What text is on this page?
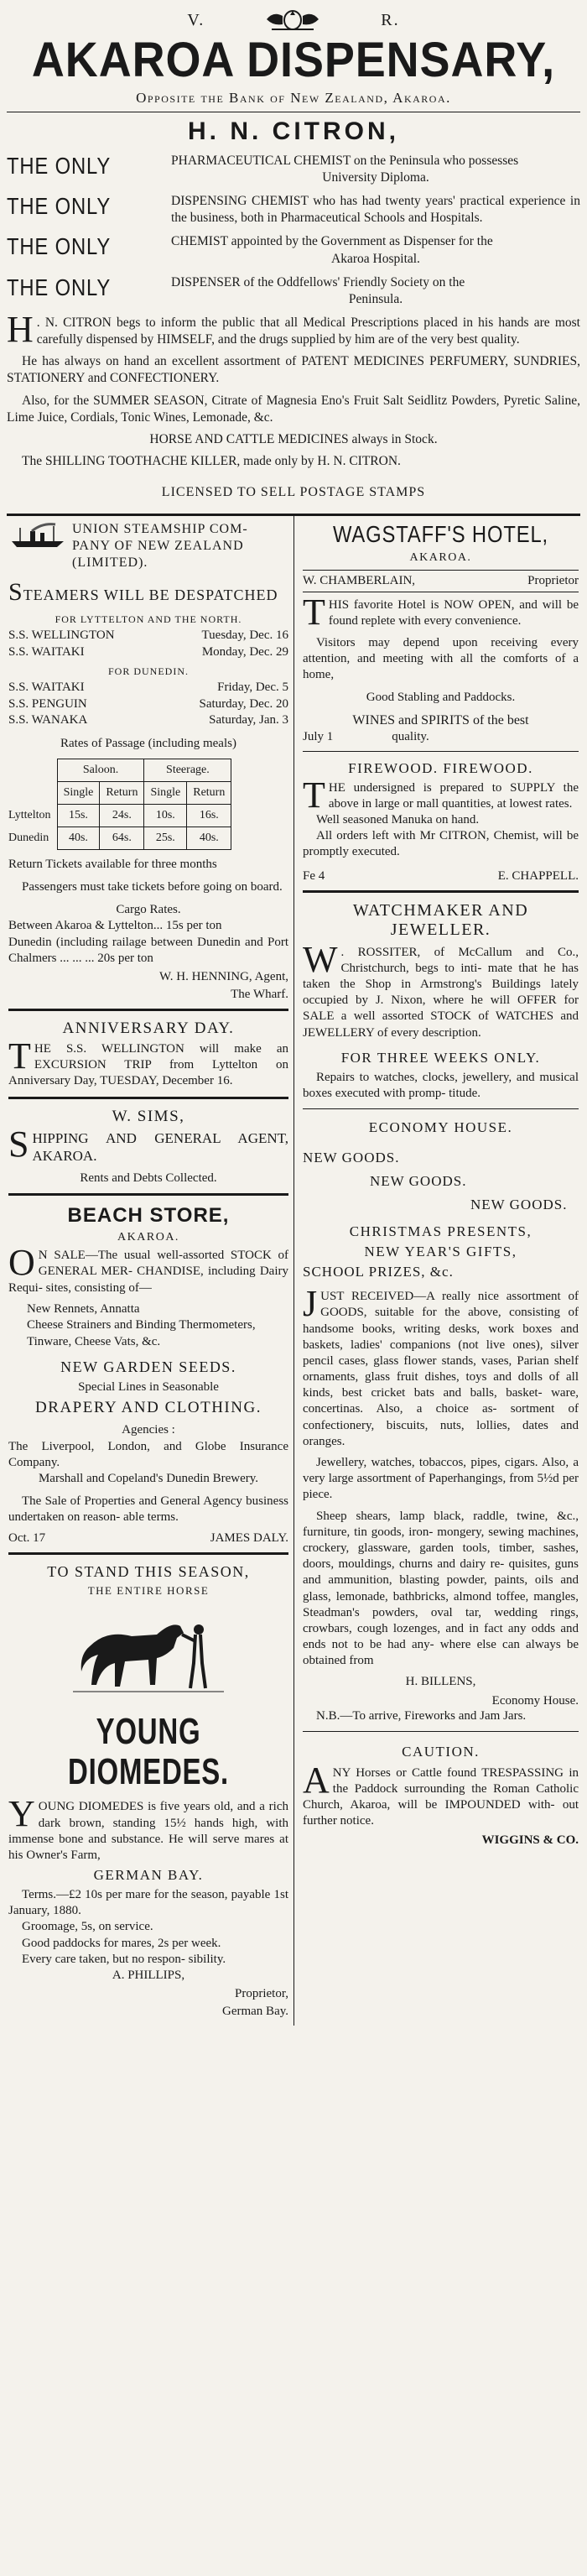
V.	R.
AKAROA DISPENSARY,
Opposite the Bank of New Zealand, Akaroa.
H. N. CITRON,
THE ONLY	PHARMACEUTICAL CHEMIST on the Peninsula who possesses
University Diploma.
THE ONLY	DISPENSING CHEMIST who has had twenty years' practical experience in the business, both in Pharmaceutical Schools and Hospitals.
THE ONLY	CHEMIST appointed by the Government as Dispenser for the
Akaroa Hospital.
THE ONLY	DISPENSER of the Oddfellows' Friendly Society on the
Peninsula.
H . N. CITRON begs to inform the public that all Medical Prescriptions placed in his hands are most carefully dispensed by HIMSELF, and the drugs supplied by him are of the very best quality.
He has always on hand an excellent assortment of PATENT MEDICINES PERFUMERY, SUNDRIES, STATIONERY and CONFECTIONERY.
Also, for the SUMMER SEASON, Citrate of Magnesia Eno's Fruit Salt Seidlitz Powders, Pyretic Saline, Lime Juice, Cordials, Tonic Wines, Lemonade, &c.
HORSE AND CATTLE MEDICINES always in Stock.
The SHILLING TOOTHACHE KILLER, made only by H. N. CITRON.
LICENSED TO SELL POSTAGE STAMPS
UNION STEAMSHIP COM- PANY OF NEW ZEALAND (LIMITED).
STEAMERS WILL BE DESPATCHED
FOR LYTTELTON AND THE NORTH.
S.S. WELLINGTON	Tuesday, Dec. 16
S.S. WAITAKI	Monday, Dec. 29
FOR DUNEDIN.
S.S. WAITAKI	Friday, Dec. 5
S.S. PENGUIN	Saturday, Dec. 20
S.S. WANAKA	Saturday, Jan. 3
Rates of Passage (including meals)
	Saloon.		Steerage.	
	Single	Return	Single	Return
Lyttelton	15s.	24s.	10s.	16s.
Dunedin	40s.	64s.	25s.	40s.
Return Tickets available for three months
Passengers must take tickets before going on board.
Cargo Rates.
Between Akaroa & Lyttelton... 15s per ton
Dunedin (including railage between Dunedin and Port Chalmers ... ... ... 20s per ton
W. H. HENNING, Agent,
The Wharf.
ANNIVERSARY DAY.
THE S.S. WELLINGTON will make an EXCURSION TRIP from Lyttelton on Anniversary Day, TUESDAY, December 16.
W. SIMS,
SHIPPING AND GENERAL AGENT, AKAROA.
Rents and Debts Collected.
BEACH STORE,
AKAROA.
O N SALE—The usual well-assorted STOCK of GENERAL MER- CHANDISE, including Dairy Requi- sites, consisting of—
New Rennets, Annatta
Cheese Strainers and Binding Thermometers,
Tinware, Cheese Vats, &c.
NEW GARDEN SEEDS.
Special Lines in Seasonable
DRAPERY AND CLOTHING.
Agencies :
The Liverpool, London, and Globe Insurance Company.
Marshall and Copeland's Dunedin Brewery.
The Sale of Properties and General Agency business undertaken on reason- able terms.
Oct. 17	JAMES DALY.
TO STAND THIS SEASON,
THE ENTIRE HORSE
YOUNG DIOMEDES.
YOUNG DIOMEDES is five years old, and a rich dark brown, standing 15½ hands high, with immense bone and substance. He will serve mares at his Owner's Farm,
GERMAN BAY.
Terms.—£2 10s per mare for the season, payable 1st January, 1880.
Groomage, 5s, on service.
Good paddocks for mares, 2s per week.
Every care taken, but no respon- sibility.
A. PHILLIPS,
Proprietor,
German Bay.
WAGSTAFF'S HOTEL,
AKAROA.
W. CHAMBERLAIN,	Proprietor
THIS favorite Hotel is NOW OPEN, and will be found replete with every convenience.
Visitors may depend upon receiving every attention, and meeting with all the comforts of a home,
Good Stabling and Paddocks.
WINES and SPIRITS of the best
July 1	quality.
FIREWOOD. FIREWOOD.
THE undersigned is prepared to SUPPLY the above in large or mall quantities, at lowest rates.
Well seasoned Manuka on hand.
All orders left with Mr CITRON, Chemist, will be promptly executed.
Fe 4	E. CHAPPELL.
WATCHMAKER AND JEWELLER.
W . ROSSITER, of McCallum and Co., Christchurch, begs to inti- mate that he has taken the Shop in Armstrong's Buildings lately occupied by J. Nixon, where he will OFFER for SALE a well assorted STOCK of WATCHES and JEWELLERY of every description.
FOR THREE WEEKS ONLY.
Repairs to watches, clocks, jewellery, and musical boxes executed with promp- titude.
ECONOMY HOUSE.
NEW GOODS.
NEW GOODS.
NEW GOODS.
CHRISTMAS PRESENTS,
NEW YEAR'S GIFTS,
SCHOOL PRIZES, &c.
JUST RECEIVED—A really nice assortment of GOODS, suitable for the above, consisting of handsome books, writing desks, work boxes and baskets, ladies' companions (not live ones), silver pencil cases, glass flower stands, vases, Parian shelf ornaments, glass fruit dishes, toys and dolls of all kinds, best cricket bats and balls, basket- ware, concertinas. Also, a choice as- sortment of confectionery, biscuits, nuts, lollies, dates and oranges.
Jewellery, watches, tobaccos, pipes, cigars. Also, a very large assortment of Paperhangings, from 5½d per piece.
Sheep shears, lamp black, raddle, twine, &c., furniture, tin goods, iron- mongery, sewing machines, crockery, glassware, garden tools, timber, sashes, doors, mouldings, churns and dairy re- quisites, guns and ammunition, blasting powder, paints, oils and glass, lemonade, bathbricks, almond toffee, mangles, Steadman's powders, oval tar, wedding rings, crowbars, cough lozenges, and in fact any odds and ends not to be had any- where else can always be obtained from
H. BILLENS,
Economy House.
N.B.—To arrive, Fireworks and Jam Jars.
CAUTION.
ANY Horses or Cattle found TRESPASSING in the Paddock surrounding the Roman Catholic Church, Akaroa, will be IMPOUNDED with- out further notice.
WIGGINS & CO.
